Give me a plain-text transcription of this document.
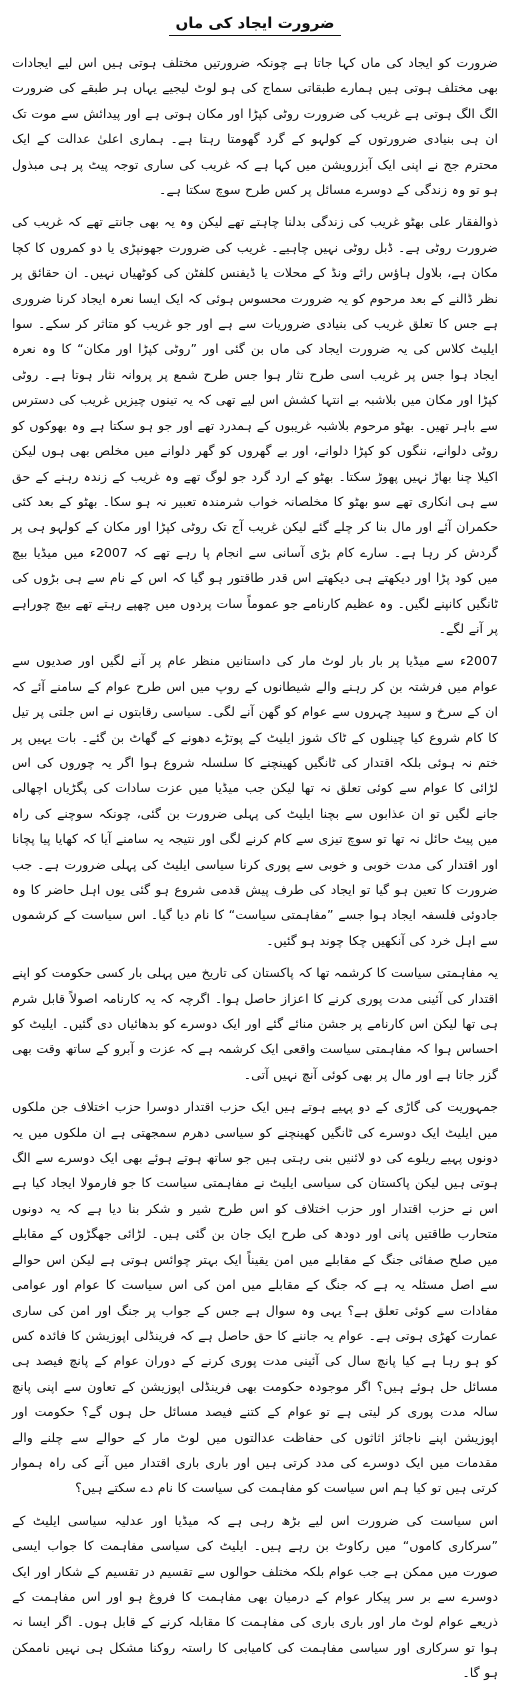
ضرورت ایجاد کی ماں

ضرورت کو ایجاد کی ماں کہا جاتا ہے چونکہ ضرورتیں مختلف ہوتی ہیں اس لیے ایجادات بھی مختلف ہوتی ہیں ہمارے طبقاتی سماج کی ہو لوٹ لیجیے یہاں ہر طبقے کی ضرورت الگ الگ ہوتی ہے غریب کی ضرورت روٹی کپڑا اور مکان ہوتی ہے اور پیدائش سے موت تک ان ہی بنیادی ضرورتوں کے کولہو کے گرد گھومتا رہتا ہے۔ ہماری اعلیٰ عدالت کے ایک محترم جج نے اپنی ایک آبزرویشن میں کہا ہے کہ غریب کی ساری توجہ پیٹ پر ہی مبذول ہو تو وہ زندگی کے دوسرے مسائل پر کس طرح سوچ سکتا ہے۔

ذوالفقار علی بھٹو غریب کی زندگی بدلنا چاہتے تھے لیکن وہ یہ بھی جانتے تھے کہ غریب کی ضرورت روٹی ہے۔ ڈبل روٹی نہیں چاہیے۔ غریب کی ضرورت جھونپڑی یا دو کمروں کا کچا مکان ہے، بلاول ہاؤس رائے ونڈ کے محلات یا ڈیفنس کلفٹن کی کوٹھیاں نہیں۔ ان حقائق پر نظر ڈالنے کے بعد مرحوم کو یہ ضرورت محسوس ہوئی کہ ایک ایسا نعرہ ایجاد کرنا ضروری ہے جس کا تعلق غریب کی بنیادی ضروریات سے ہے اور جو غریب کو متاثر کر سکے۔ سوا ایلیٹ کلاس کی یہ ضرورت ایجاد کی ماں بن گئی اور ”روٹی کپڑا اور مکان“ کا وہ نعرہ ایجاد ہوا جس پر غریب اسی طرح نثار ہوا جس طرح شمع پر پروانہ نثار ہوتا ہے۔ روٹی کپڑا اور مکان میں بلاشبہ بے انتہا کشش اس لیے تھی کہ یہ تینوں چیزیں غریب کی دسترس سے باہر تھیں۔ بھٹو مرحوم بلاشبہ غریبوں کے ہمدرد تھے اور جو ہو سکتا ہے وہ بھوکوں کو روٹی دلوانے، ننگوں کو کپڑا دلوانے، اور بے گھروں کو گھر دلوانے میں مخلص بھی ہوں لیکن اکیلا چنا بھاڑ نہیں پھوڑ سکتا۔ بھٹو کے ارد گرد جو لوگ تھے وہ غریب کے زندہ رہنے کے حق سے ہی انکاری تھے سو بھٹو کا مخلصانہ خواب شرمندہ تعبیر نہ ہو سکا۔ بھٹو کے بعد کئی حکمران آئے اور مال بنا کر چلے گئے لیکن غریب آج تک روٹی کپڑا اور مکان کے کولہو ہی پر گردش کر رہا ہے۔ سارے کام بڑی آسانی سے انجام پا رہے تھے کہ 2007ء میں میڈیا بیچ میں کود پڑا اور دیکھتے ہی دیکھتے اس قدر طاقتور ہو گیا کہ اس کے نام سے ہی بڑوں کی ٹانگیں کانپنے لگیں۔ وہ عظیم کارنامے جو عموماً سات پردوں میں چھپے رہتے تھے بیچ چوراہے پر آنے لگے۔

2007ء سے میڈیا پر بار بار لوٹ مار کی داستانیں منظر عام پر آنے لگیں اور صدیوں سے عوام میں فرشتہ بن کر رہنے والے شیطانوں کے روپ میں اس طرح عوام کے سامنے آئے کہ ان کے سرخ و سپید چہروں سے عوام کو گھن آنے لگی۔ سیاسی رقابتوں نے اس جلتی پر تیل کا کام شروع کیا چینلوں کے ٹاک شوز ایلیٹ کے پوتڑے دھونے کے گھاٹ بن گئے۔ بات یہیں پر ختم نہ ہوئی بلکہ اقتدار کی ٹانگیں کھینچنے کا سلسلہ شروع ہوا اگر یہ چوروں کی اس لڑائی کا عوام سے کوئی تعلق نہ تھا لیکن جب میڈیا میں عزت سادات کی پگڑیاں اچھالی جانے لگیں تو ان عذابوں سے بچنا ایلیٹ کی پہلی ضرورت بن گئی، چونکہ سوچنے کی راہ میں پیٹ حائل نہ تھا تو سوچ تیزی سے کام کرنے لگی اور نتیجہ یہ سامنے آیا کہ کھایا پیا پچانا اور اقتدار کی مدت خوبی و خوبی سے پوری کرنا سیاسی ایلیٹ کی پہلی ضرورت ہے۔ جب ضرورت کا تعین ہو گیا تو ایجاد کی طرف پیش قدمی شروع ہو گئی یوں اہل حاضر کا وہ جادوئی فلسفہ ایجاد ہوا جسے ”مفاہمتی سیاست“ کا نام دیا گیا۔ اس سیاست کے کرشموں سے اہل خرد کی آنکھیں چکا چوند ہو گئیں۔

یہ مفاہمتی سیاست کا کرشمہ تھا کہ پاکستان کی تاریخ میں پہلی بار کسی حکومت کو اپنے اقتدار کی آئینی مدت پوری کرنے کا اعزاز حاصل ہوا۔ اگرچہ کہ یہ کارنامہ اصولاً قابل شرم ہی تھا لیکن اس کارنامے پر جشن منائے گئے اور ایک دوسرے کو بدھائیاں دی گئیں۔ ایلیٹ کو احساس ہوا کہ مفاہمتی سیاست واقعی ایک کرشمہ ہے کہ عزت و آبرو کے ساتھ وقت بھی گزر جاتا ہے اور مال پر بھی کوئی آنچ نہیں آتی۔

جمہوریت کی گاڑی کے دو پہیے ہوتے ہیں ایک حزب اقتدار دوسرا حزب اختلاف جن ملکوں میں ایلیٹ ایک دوسرے کی ٹانگیں کھینچنے کو سیاسی دھرم سمجھتی ہے ان ملکوں میں یہ دونوں پہیے ریلوے کی دو لائنیں بنی رہتی ہیں جو ساتھ ہوتے ہوئے بھی ایک دوسرے سے الگ ہوتی ہیں لیکن پاکستان کی سیاسی ایلیٹ نے مفاہمتی سیاست کا جو فارمولا ایجاد کیا ہے اس نے حزب اقتدار اور حزب اختلاف کو اس طرح شیر و شکر بنا دیا ہے کہ یہ دونوں متحارب طاقتیں پانی اور دودھ کی طرح ایک جان بن گئی ہیں۔ لڑائی جھگڑوں کے مقابلے میں صلح صفائی جنگ کے مقابلے میں امن یقیناً ایک بہتر چوائس ہوتی ہے لیکن اس حوالے سے اصل مسئلہ یہ ہے کہ جنگ کے مقابلے میں امن کی اس سیاست کا عوام اور عوامی مفادات سے کوئی تعلق ہے؟ یہی وہ سوال ہے جس کے جواب پر جنگ اور امن کی ساری عمارت کھڑی ہوتی ہے۔ عوام یہ جاننے کا حق حاصل ہے کہ فرینڈلی اپوزیشن کا فائدہ کس کو ہو رہا ہے کیا پانچ سال کی آئینی مدت پوری کرنے کے دوران عوام کے پانچ فیصد ہی مسائل حل ہوئے ہیں؟ اگر موجودہ حکومت بھی فرینڈلی اپوزیشن کے تعاون سے اپنی پانچ سالہ مدت پوری کر لیتی ہے تو عوام کے کتنے فیصد مسائل حل ہوں گے؟ حکومت اور اپوزیشن اپنے ناجائز اثاثوں کی حفاظت عدالتوں میں لوٹ مار کے حوالے سے چلنے والے مقدمات میں ایک دوسرے کی مدد کرتی ہیں اور باری باری اقتدار میں آنے کی راہ ہموار کرتی ہیں تو کیا ہم اس سیاست کو مفاہمت کی سیاست کا نام دے سکتے ہیں؟

اس سیاست کی ضرورت اس لیے بڑھ رہی ہے کہ میڈیا اور عدلیہ سیاسی ایلیٹ کے ”سرکاری کاموں“ میں رکاوٹ بن رہے ہیں۔ ایلیٹ کی سیاسی مفاہمت کا جواب ایسی صورت میں ممکن ہے جب عوام بلکہ مختلف حوالوں سے تقسیم در تقسیم کے شکار اور ایک دوسرے سے بر سر پیکار عوام کے درمیان بھی مفاہمت کا فروغ ہو اور اس مفاہمت کے ذریعے عوام لوٹ مار اور باری باری کی مفاہمت کا مقابلہ کرنے کے قابل ہوں۔ اگر ایسا نہ ہوا تو سرکاری اور سیاسی مفاہمت کی کامیابی کا راستہ روکنا مشکل ہی نہیں ناممکن ہو گا۔
